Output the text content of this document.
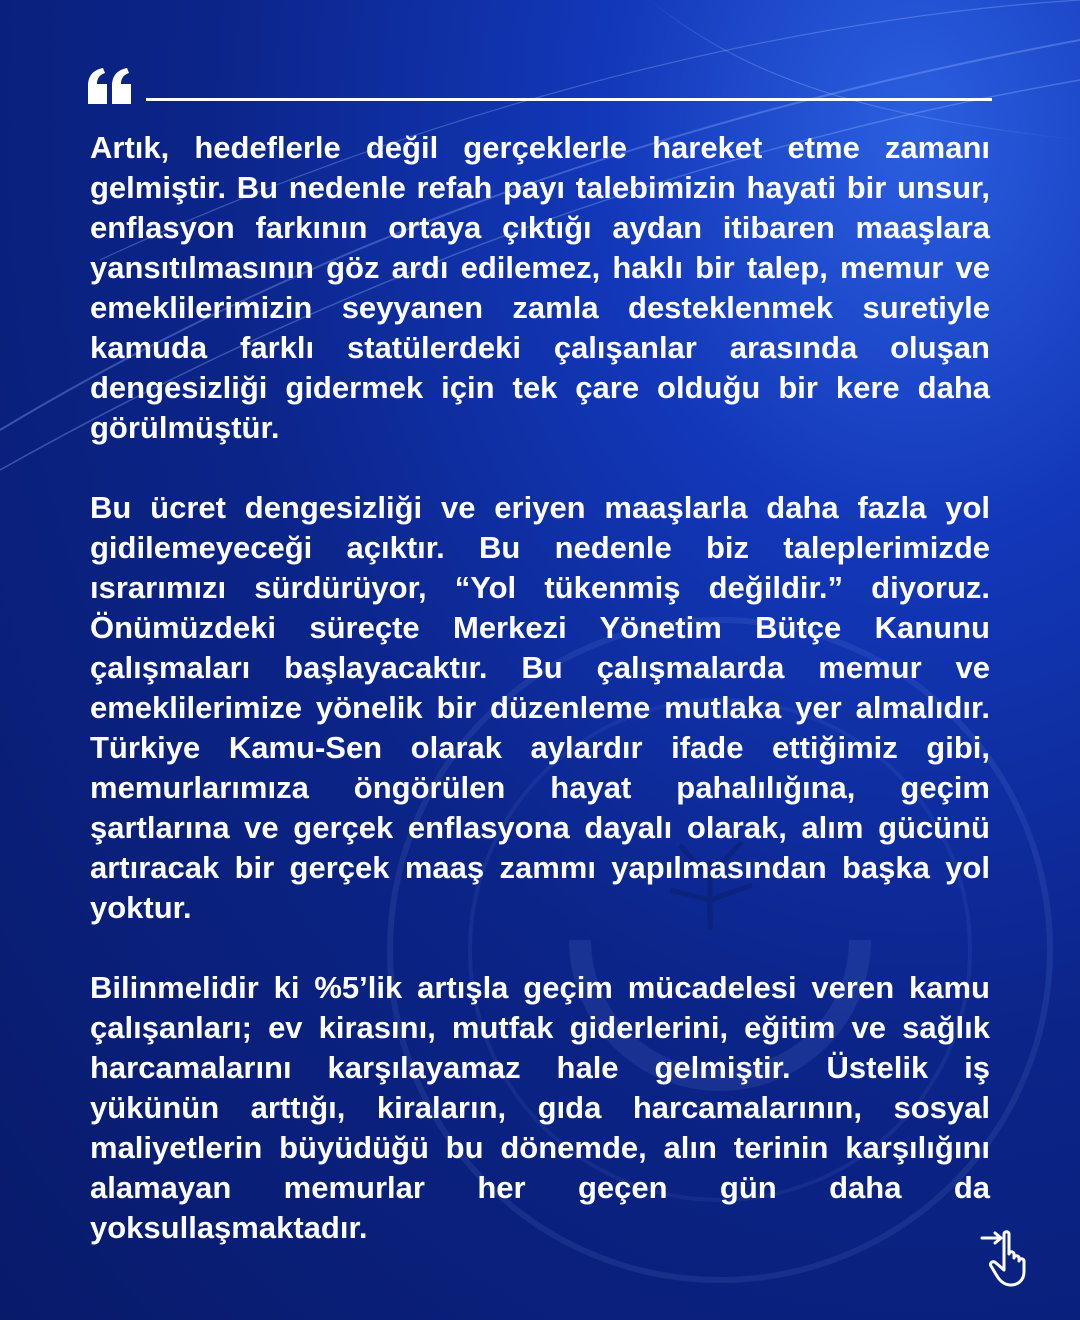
Artık, hedeflerle değil gerçeklerle hareket etme zamanı gelmiştir. Bu nedenle refah payı talebimizin hayati bir unsur, enflasyon farkının ortaya çıktığı aydan itibaren maaşlara yansıtılmasının göz ardı edilemez, haklı bir talep, memur ve emeklilerimizin seyyanen zamla desteklenmek suretiyle kamuda farklı statülerdeki çalışanlar arasında oluşan dengesizliği gidermek için tek çare olduğu bir kere daha görülmüştür.

Bu ücret dengesizliği ve eriyen maaşlarla daha fazla yol gidilemeyeceği açıktır. Bu nedenle biz taleplerimizde ısrarımızı sürdürüyor, “Yol tükenmiş değildir.” diyoruz. Önümüzdeki süreçte Merkezi Yönetim Bütçe Kanunu çalışmaları başlayacaktır. Bu çalışmalarda memur ve emeklilerimize yönelik bir düzenleme mutlaka yer almalıdır. Türkiye Kamu-Sen olarak aylardır ifade ettiğimiz gibi, memurlarımıza öngörülen hayat pahalılığına, geçim şartlarına ve gerçek enflasyona dayalı olarak, alım gücünü artıracak bir gerçek maaş zammı yapılmasından başka yol yoktur.

Bilinmelidir ki %5’lik artışla geçim mücadelesi veren kamu çalışanları; ev kirasını, mutfak giderlerini, eğitim ve sağlık harcamalarını karşılayamaz hale gelmiştir. Üstelik iş yükünün arttığı, kiraların, gıda harcamalarının, sosyal maliyetlerin büyüdüğü bu dönemde, alın terinin karşılığını alamayan memurlar her geçen gün daha da yoksullaşmaktadır.
